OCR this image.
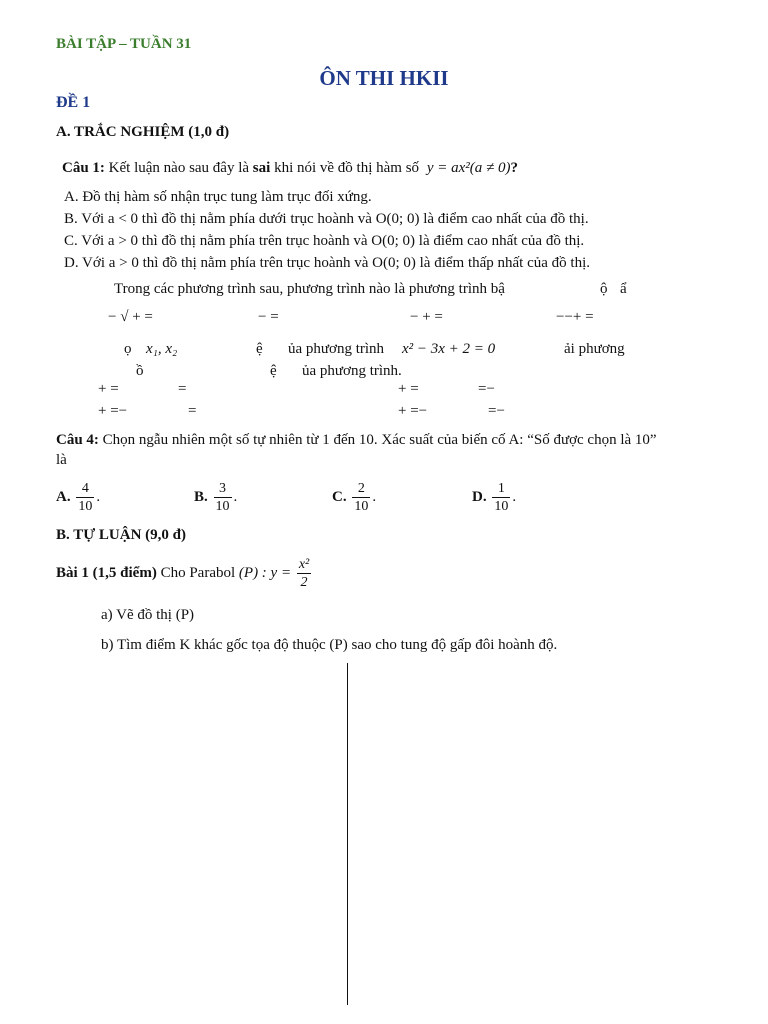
BÀI TẬP – TUẦN 31
ÔN THI HKII
ĐỀ 1
A. TRẮC NGHIỆM (1,0 đ)
Câu 1: Kết luận nào sau đây là sai khi nói về đồ thị hàm số y = ax²(a ≠ 0)?
A. Đồ thị hàm số nhận trục tung làm trục đối xứng.
B. Với a < 0 thì đồ thị nằm phía dưới trục hoành và O(0; 0) là điểm cao nhất của đồ thị.
C. Với a > 0 thì đồ thị nằm phía trên trục hoành và O(0; 0) là điểm cao nhất của đồ thị.
D. Với a > 0 thì đồ thị nằm phía trên trục hoành và O(0; 0) là điểm thấp nhất của đồ thị.
Trong các phương trình sau, phương trình nào là phương trình bậ	ộ ẩ
− √ + =	− =	− + =	−−+ =
ọ x₁, x₂	ệ ủa phương trình x² − 3x + 2 = 0	ải phương
ồ	ệ ủa phương trình.
+ =	=	+ =	=−
+ =−	=	+ =−	=−
Câu 4: Chọn ngẫu nhiên một số tự nhiên từ 1 đến 10. Xác suất của biến cố A: “Số được chọn là 10”
là
A. $\frac{4}{10}$ .	B. $\frac{3}{10}$ .	C. $\frac{2}{10}$ .	D. $\frac{1}{10}$ .
B. TỰ LUẬN (9,0 đ)
Bài 1 (1,5 điểm) Cho Parabol (P) : $y = \frac{\text{x²}}{2}$
a) Vẽ đồ thị (P)
b) Tìm điểm K khác gốc tọa độ thuộc (P) sao cho tung độ gấp đôi hoành độ.
